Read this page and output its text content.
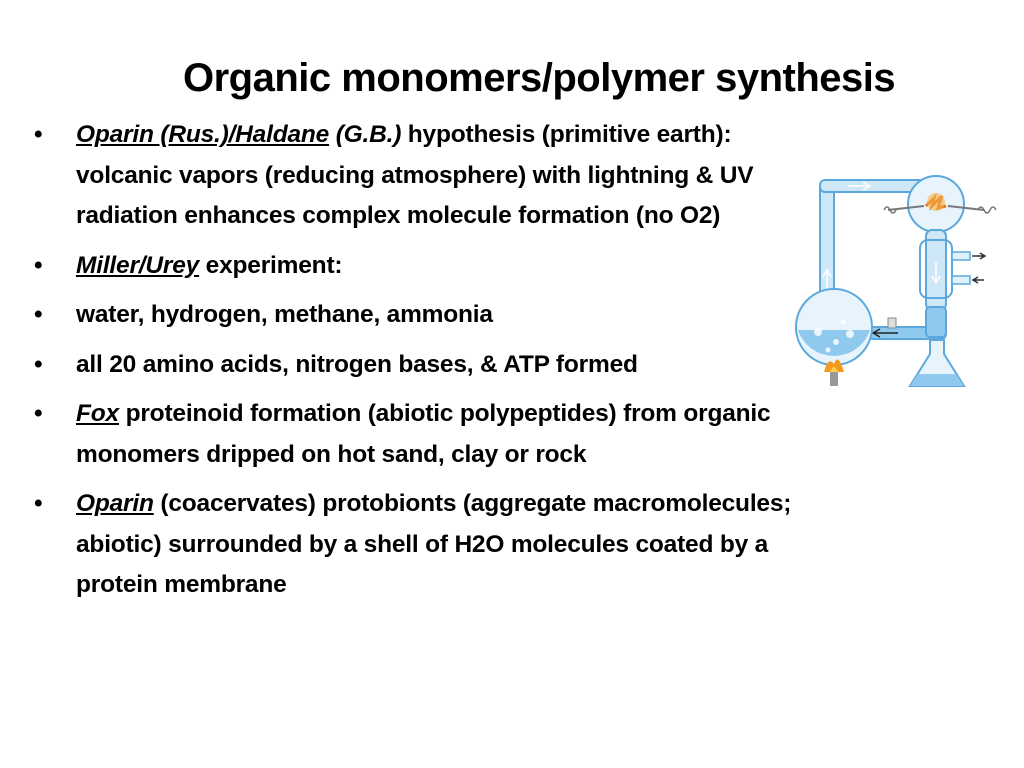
Organic monomers/polymer synthesis
•	Oparin (Rus.)/Haldane (G.B.) hypothesis (primitive earth): volcanic vapors (reducing atmosphere) with lightning & UV radiation enhances complex molecule formation (no O2)
•	Miller/Urey experiment:
•	water, hydrogen, methane, ammonia
•	all 20 amino acids, nitrogen bases, & ATP formed
•	Fox proteinoid formation (abiotic polypeptides) from organic monomers dripped on hot sand, clay or rock
•	Oparin (coacervates) protobionts (aggregate macromolecules; abiotic) surrounded by a shell of H2O molecules coated by a protein membrane
